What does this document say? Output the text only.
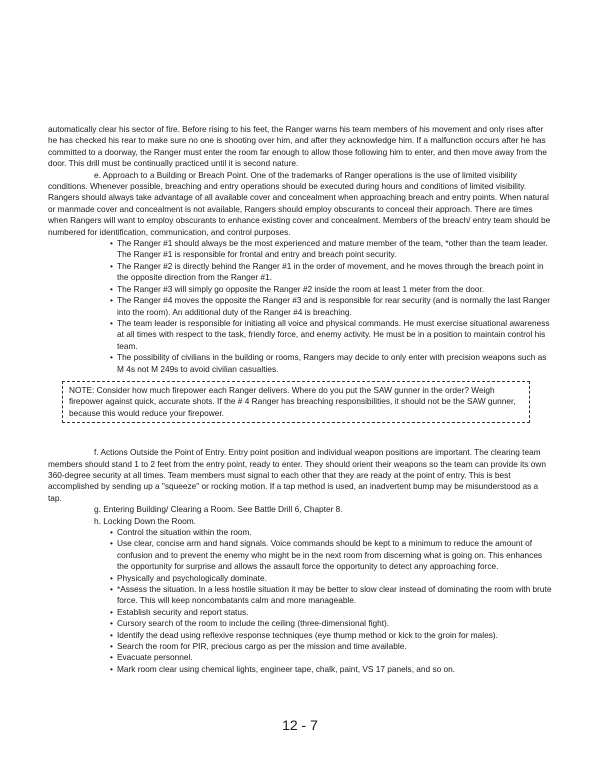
automatically clear his sector of fire. Before rising to his feet, the Ranger warns his team members of his movement and only rises after he has checked his rear to make sure no one is shooting over him, and after they acknowledge him. If a malfunction occurs after he has committed to a doorway, the Ranger must enter the room far enough to allow those following him to enter, and then move away from the door. This drill must be continually practiced until it is second nature.

e. Approach to a Building or Breach Point. One of the trademarks of Ranger operations is the use of limited visibility conditions. Whenever possible, breaching and entry operations should be executed during hours and conditions of limited visibility. Rangers should always take advantage of all available cover and concealment when approaching breach and entry points. When natural or manmade cover and concealment is not available, Rangers should employ obscurants to conceal their approach. There are times when Rangers will want to employ obscurants to enhance existing cover and concealment. Members of the breach/ entry team should be numbered for identification, communication, and control purposes.

• The Ranger #1 should always be the most experienced and mature member of the team, *other than the team leader. The Ranger #1 is responsible for frontal and entry and breach point security.
• The Ranger #2 is directly behind the Ranger #1 in the order of movement, and he moves through the breach point in the opposite direction from the Ranger #1.
• The Ranger #3 will simply go opposite the Ranger #2 inside the room at least 1 meter from the door.
• The Ranger #4 moves the opposite the Ranger #3 and is responsible for rear security (and is normally the last Ranger into the room). An additional duty of the Ranger #4 is breaching.
• The team leader is responsible for initiating all voice and physical commands. He must exercise situational awareness at all times with respect to the task, friendly force, and enemy activity. He must be in a position to maintain control his team.
• The possibility of civilians in the building or rooms, Rangers may decide to only enter with precision weapons such as M 4s not M 249s to avoid civilian casualties.
NOTE: Consider how much firepower each Ranger delivers. Where do you put the SAW gunner in the order? Weigh firepower against quick, accurate shots. If the # 4 Ranger has breaching responsibilities, it should not be the SAW gunner, because this would reduce your firepower.

f. Actions Outside the Point of Entry. Entry point position and individual weapon positions are important. The clearing team members should stand 1 to 2 feet from the entry point, ready to enter. They should orient their weapons so the team can provide its own 360-degree security at all times. Team members must signal to each other that they are ready at the point of entry. This is best accomplished by sending up a "squeeze" or rocking motion. If a tap method is used, an inadvertent bump may be misunderstood as a tap.

g. Entering Building/ Clearing a Room. See Battle Drill 6, Chapter 8.

h. Locking Down the Room.

• Control the situation within the room.
• Use clear, concise arm and hand signals. Voice commands should be kept to a minimum to reduce the amount of confusion and to prevent the enemy who might be in the next room from discerning what is going on. This enhances the opportunity for surprise and allows the assault force the opportunity to detect any approaching force.
• Physically and psychologically dominate.
• *Assess the situation. In a less hostile situation it may be better to slow clear instead of dominating the room with brute force. This will keep noncombatants calm and more manageable.
• Establish security and report status.
• Cursory search of the room to include the ceiling (three-dimensional fight).
• Identify the dead using reflexive response techniques (eye thump method or kick to the groin for males).
• Search the room for PIR, precious cargo as per the mission and time available.
• Evacuate personnel.
• Mark room clear using chemical lights, engineer tape, chalk, paint, VS 17 panels, and so on.
12 - 7
